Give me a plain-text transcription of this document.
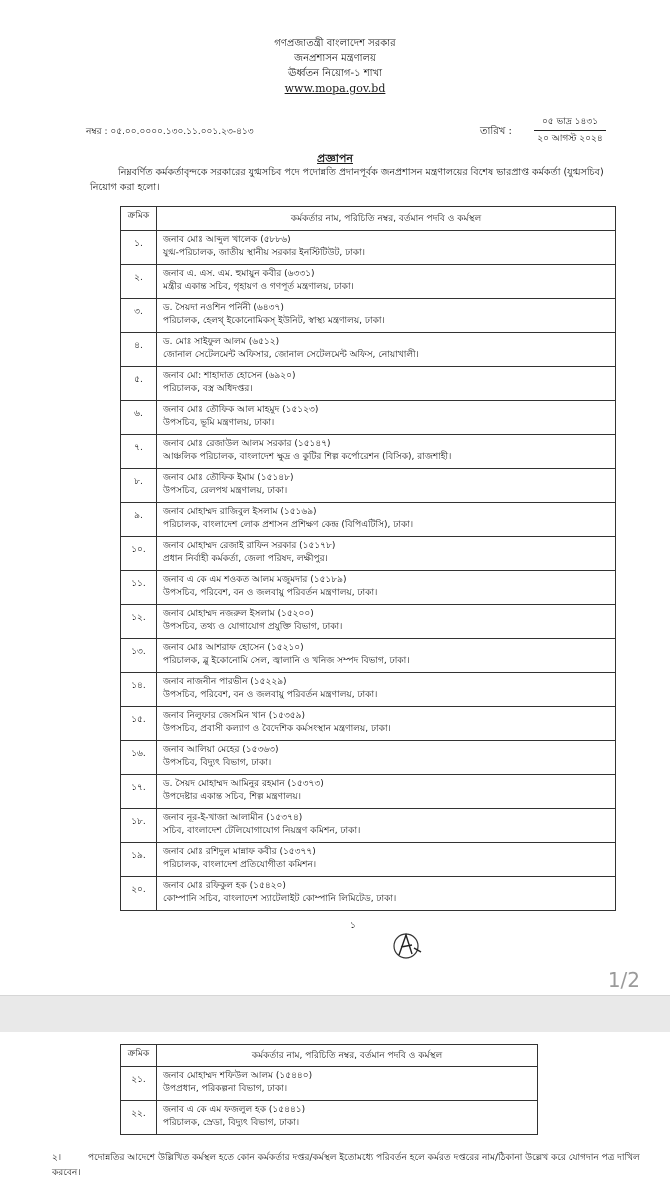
গণপ্রজাতন্ত্রী বাংলাদেশ সরকার
জনপ্রশাসন মন্ত্রণালয়
ঊর্ধ্বতন নিয়োগ-১ শাখা
www.mopa.gov.bd
নম্বর : ০৫.০০.০০০০.১৩০.১১.০০১.২৩-৪১৩	তারিখ :
০৫ ভাদ্র ১৪৩১
২০ আগস্ট ২০২৪
প্রজ্ঞাপন
নিম্নবর্ণিত কর্মকর্তাবৃন্দকে সরকারের যুগ্মসচিব পদে পদোন্নতি প্রদানপূর্বক জনপ্রশাসন মন্ত্রণালয়ের বিশেষ ভারপ্রাপ্ত কর্মকর্তা (যুগ্মসচিব) নিয়োগ করা হলো।
ক্রমিক	কর্মকর্তার নাম, পরিচিতি নম্বর, বর্তমান পদবি ও কর্মস্থল
১.	জনাব মোঃ আব্দুল খালেক (৫৮৮৬)
যুগ্ম-পরিচালক, জাতীয় স্থানীয় সরকার ইনস্টিটিউট, ঢাকা।

২.	জনাব এ. এস. এম. হুমায়ুন কবীর (৬৩৩১)
মন্ত্রীর একান্ত সচিব, গৃহায়ণ ও গণপূর্ত মন্ত্রণালয়, ঢাকা।

৩.	ড. সৈয়দা নওশিন পর্নিনী (৬৪৩৭)
পরিচালক, হেলথ্ ইকোনোমিকস্ ইউনিট, স্বাস্থ্য মন্ত্রণালয়, ঢাকা।

৪.	ড. মোঃ সাইফুল আলম (৬৫১২)
জোনাল সেটেলমেন্ট অফিসার, জোনাল সেটেলমেন্ট অফিস, নোয়াখালী।

৫.	জনাব মো: শাহাদাত হোসেন (৬৯২০)
পরিচালক, বস্ত্র অধিদপ্তর।

৬.	জনাব মোঃ তৌফিক আল মাহমুদ (১৫১২৩)
উপসচিব, ভূমি মন্ত্রণালয়, ঢাকা।

৭.	জনাব মোঃ রেজাউল আলম সরকার (১৫১৪৭)
আঞ্চলিক পরিচালক, বাংলাদেশ ক্ষুদ্র ও কুটির শিল্প কর্পোরেশন (বিসিক), রাজশাহী।

৮.	জনাব মোঃ তৌফিক ইমাম (১৫১৪৮)
উপসচিব, রেলপথ মন্ত্রণালয়, ঢাকা।

৯.	জনাব মোহাম্মদ রাজিবুল ইসলাম (১৫১৬৯)
পরিচালক, বাংলাদেশ লোক প্রশাসন প্রশিক্ষণ কেন্দ্র (বিপিএটিসি), ঢাকা।

১০.	জনাব মোহাম্মদ রেজাই রাফিন সরকার (১৫১৭৮)
প্রধান নির্বাহী কর্মকর্তা, জেলা পরিষদ, লক্ষীপুর।

১১.	জনাব এ কে এম শওকত আলম মজুমদার (১৫১৮৯)
উপসচিব, পরিবেশ, বন ও জলবায়ু পরিবর্তন মন্ত্রণালয়, ঢাকা।

১২.	জনাব মোহাম্মদ নজরুল ইসলাম (১৫২০০)
উপসচিব, তথ্য ও যোগাযোগ প্রযুক্তি বিভাগ, ঢাকা।

১৩.	জনাব মোঃ আশরাফ হোসেন (১৫২১০)
পরিচালক, ব্লু ইকোনোমি সেল, জ্বালানি ও খনিজ সম্পদ বিভাগ, ঢাকা।

১৪.	জনাব নাজনীন পারভীন (১৫২২৯)
উপসচিব, পরিবেশ, বন ও জলবায়ু পরিবর্তন মন্ত্রণালয়, ঢাকা।

১৫.	জনাব নিলুফার জেসমিন খান (১৫৩৫৯)
উপসচিব, প্রবাসী কল্যাণ ও বৈদেশিক কর্মসংস্থান মন্ত্রণালয়, ঢাকা।

১৬.	জনাব আলিয়া মেহের (১৫৩৬৩)
উপসচিব, বিদ্যুৎ বিভাগ, ঢাকা।

১৭.	ড. সৈয়দ মোহাম্মদ আমিনুর রহমান (১৫৩৭৩)
উপদেষ্টার একান্ত সচিব, শিল্প মন্ত্রণালয়।

১৮.	জনাব নূর-ই-খাজা আলামীন (১৫৩৭৪)
সচিব, বাংলাদেশ টেলিযোগাযোগ নিয়ন্ত্রণ কমিশন, ঢাকা।

১৯.	জনাব মোঃ রশিদুল মান্নাফ কবীর (১৫৩৭৭)
পরিচালক, বাংলাদেশ প্রতিযোগীতা কমিশন।

২০.	জনাব মোঃ রফিকুল হক (১৫৪২০)
কোম্পানি সচিব, বাংলাদেশ স্যাটেলাইট কোম্পানি লিমিটেড, ঢাকা।
১
1/2
ক্রমিক	কর্মকর্তার নাম, পরিচিতি নম্বর, বর্তমান পদবি ও কর্মস্থল
২১.	জনাব মোহাম্মদ শফিউল আলম (১৫৪৪০)
উপপ্রধান, পরিকল্পনা বিভাগ, ঢাকা।

২২.	জনাব এ কে এম ফজলুল হক (১৫৪৪১)
পরিচালক, স্রেডা, বিদ্যুৎ বিভাগ, ঢাকা।
২।	পদোন্নতির আদেশে উল্লিখিত কর্মস্থল হতে কোন কর্মকর্তার দপ্তর/কর্মস্থল ইতোমধ্যে পরিবর্তন হলে কর্মরত দপ্তরের নাম/ঠিকানা উল্লেখ করে যোগদান পত্র দাখিল করবেন।
